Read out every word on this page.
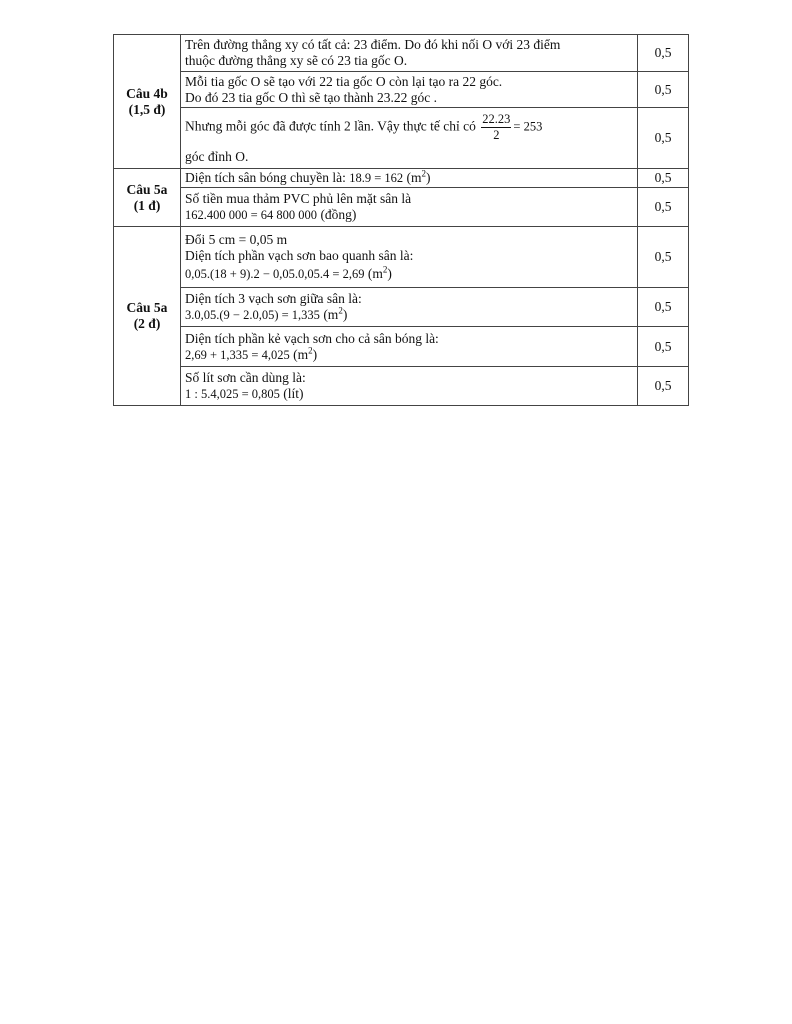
Câu 4b
(1,5 đ)	Trên đường thẳng xy có tất cả: 23 điểm. Do đó khi nối O với 23 điểm
thuộc đường thẳng xy sẽ có 23 tia gốc O.	0,5

	Mỗi tia gốc O sẽ tạo với 22 tia gốc O còn lại tạo ra 22 góc.
Do đó 23 tia gốc O thì sẽ tạo thành 23.22 góc .	0,5

	Nhưng mỗi góc đã được tính 2 lần. Vậy thực tế chỉ có $\frac{22.23}{2} = 253$
góc đỉnh O.	0,5

Câu 5a
(1 đ)	Diện tích sân bóng chuyền là: 18.9 = 162 $(m^2)$	0,5

	Số tiền mua thảm PVC phủ lên mặt sân là
162.400 000 = 64 800 000 (đồng)	0,5

Câu 5a
(2 đ)	Đổi 5 cm = 0,05 m
Diện tích phần vạch sơn bao quanh sân là:
0,05.(18 + 9).2 − 0,05.0,05.4 = 2,69 $(m^2)$	0,5

	Diện tích 3 vạch sơn giữa sân là:
3.0,05.(9 − 2.0,05) = 1,335 $(m^2)$	0,5

	Diện tích phần kẻ vạch sơn cho cả sân bóng là:
2,69 + 1,335 = 4,025 $(m^2)$	0,5

	Số lít sơn cần dùng là:
1 : 5.4,025 = 0,805 (lít)	0,5
